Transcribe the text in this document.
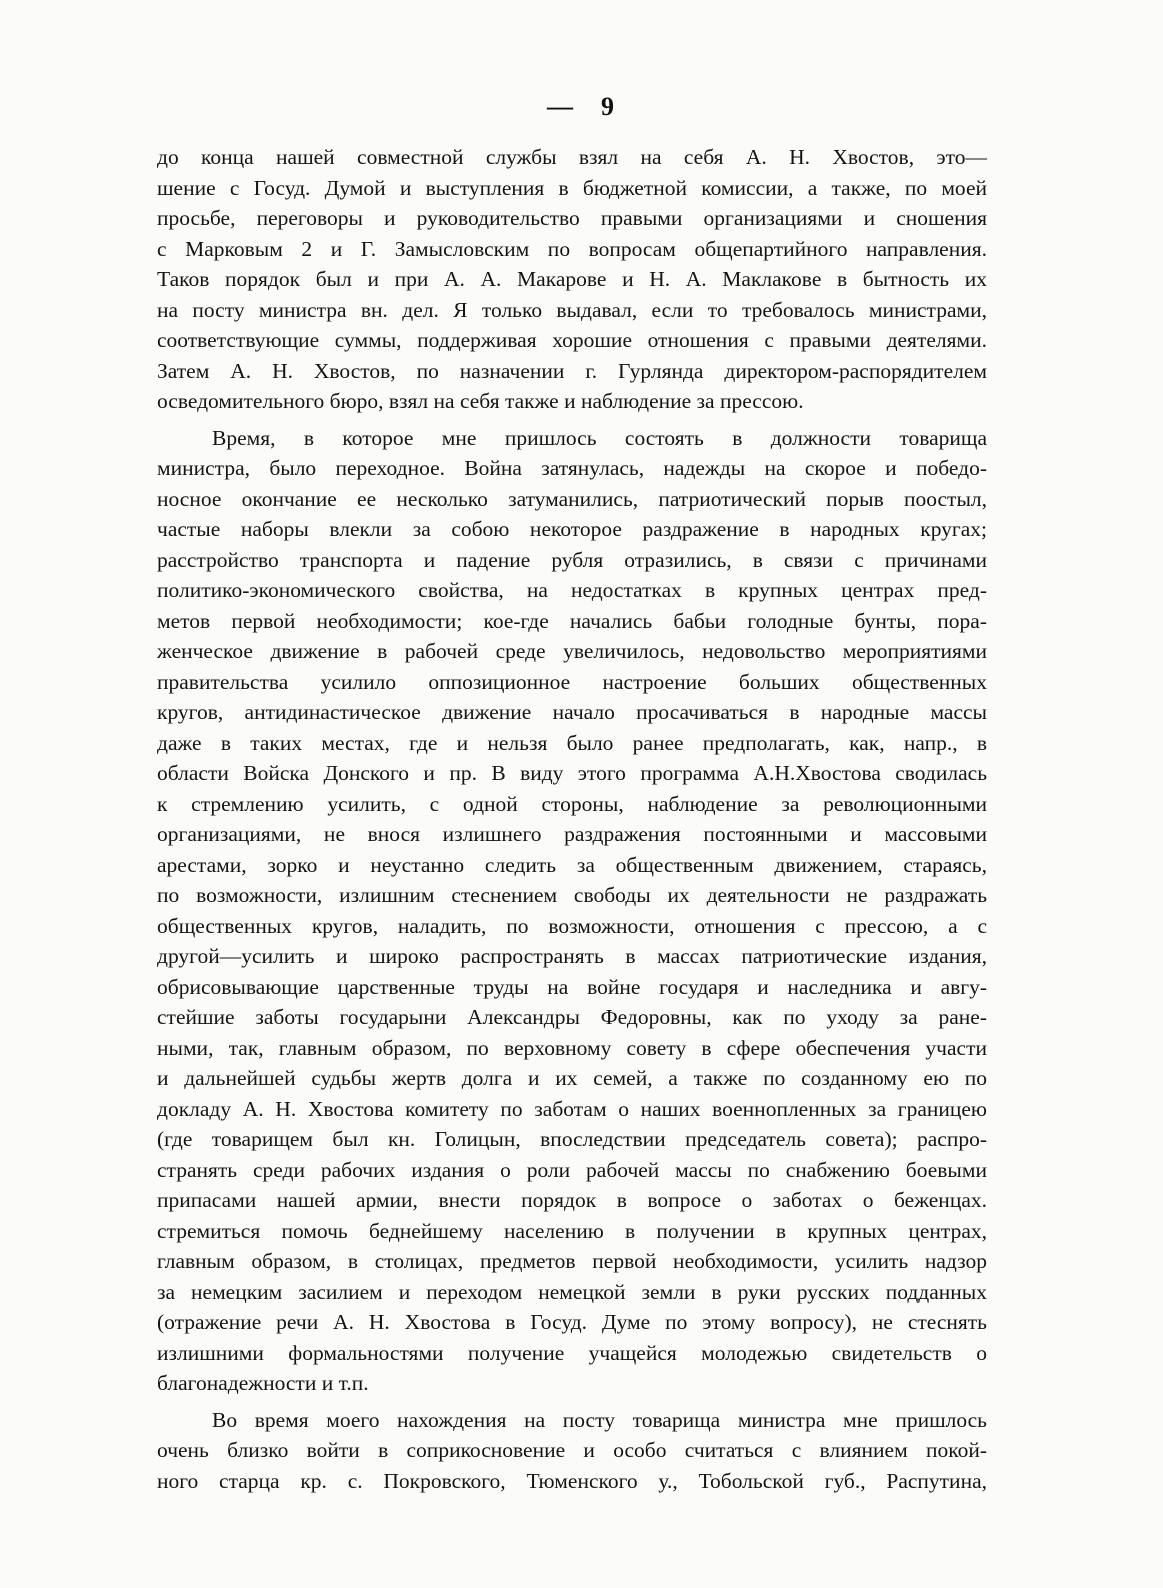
— 9
до конца нашей совместной службы взял на себя А. Н. Хвостов, это—
шение с Госуд. Думой и выступления в бюджетной комиссии, а также, по моей
просьбе, переговоры и руководительство правыми организациями и сношения
с Марковым 2 и Г. Замысловским по вопросам общепартийного направления.
Таков порядок был и при А. А. Макарове и Н. А. Маклакове в бытность их
на посту министра вн. дел. Я только выдавал, если то требовалось министрами,
соответствующие суммы, поддерживая хорошие отношения с правыми деятелями.
Затем А. Н. Хвостов, по назначении г. Гурлянда директором-распорядителем
осведомительного бюро, взял на себя также и наблюдение за прессою.
Время, в которое мне пришлось состоять в должности товарища
министра, было переходное. Война затянулась, надежды на скорое и победо-
носное окончание ее несколько затуманились, патриотический порыв поостыл,
частые наборы влекли за собою некоторое раздражение в народных кругах;
расстройство транспорта и падение рубля отразились, в связи с причинами
политико-экономического свойства, на недостатках в крупных центрах пред-
метов первой необходимости; кое-где начались бабьи голодные бунты, пора-
женческое движение в рабочей среде увеличилось, недовольство мероприятиями
правительства усилило оппозиционное настроение больших общественных
кругов, антидинастическое движение начало просачиваться в народные массы
даже в таких местах, где и нельзя было ранее предполагать, как, напр., в
области Войска Донского и пр. В виду этого программа А.Н.Хвостова сводилась
к стремлению усилить, с одной стороны, наблюдение за революционными
организациями, не внося излишнего раздражения постоянными и массовыми
арестами, зорко и неустанно следить за общественным движением, стараясь,
по возможности, излишним стеснением свободы их деятельности не раздражать
общественных кругов, наладить, по возможности, отношения с прессою, а с
другой—усилить и широко распространять в массах патриотические издания,
обрисовывающие царственные труды на войне государя и наследника и авгу-
стейшие заботы государыни Александры Федоровны, как по уходу за ране-
ными, так, главным образом, по верховному совету в сфере обеспечения участи
и дальнейшей судьбы жертв долга и их семей, а также по созданному ею по
докладу А. Н. Хвостова комитету по заботам о наших военнопленных за границею
(где товарищем был кн. Голицын, впоследствии председатель совета); распро-
странять среди рабочих издания о роли рабочей массы по снабжению боевыми
припасами нашей армии, внести порядок в вопросе о заботах о беженцах.
стремиться помочь беднейшему населению в получении в крупных центрах,
главным образом, в столицах, предметов первой необходимости, усилить надзор
за немецким засилием и переходом немецкой земли в руки русских подданных
(отражение речи А. Н. Хвостова в Госуд. Думе по этому вопросу), не стеснять
излишними формальностями получение учащейся молодежью свидетельств о
благонадежности и т.п.
Во время моего нахождения на посту товарища министра мне пришлось
очень близко войти в соприкосновение и особо считаться с влиянием покой-
ного старца кр. с. Покровского, Тюменского у., Тобольской губ., Распутина,
